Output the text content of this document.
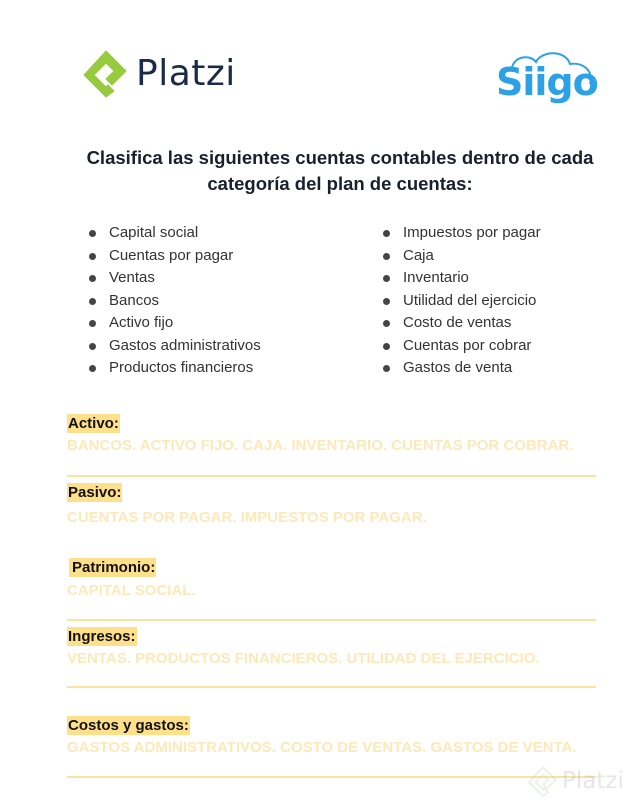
Platzi	Siigo
Clasifica las siguientes cuentas contables dentro de cada
categoría del plan de cuentas:
Capital social
Cuentas por pagar
Ventas
Bancos
Activo fijo
Gastos administrativos
Productos financieros
Impuestos por pagar
Caja
Inventario
Utilidad del ejercicio
Costo de ventas
Cuentas por cobrar
Gastos de venta
Activo:
BANCOS. ACTIVO FIJO. CAJA. INVENTARIO. CUENTAS POR COBRAR.
Pasivo:
CUENTAS POR PAGAR. IMPUESTOS POR PAGAR.
Patrimonio:
CAPITAL SOCIAL.
Ingresos:
VENTAS. PRODUCTOS FINANCIEROS. UTILIDAD DEL EJERCICIO.
Costos y gastos:
GASTOS ADMINISTRATIVOS. COSTO DE VENTAS. GASTOS DE VENTA.
Platzi
